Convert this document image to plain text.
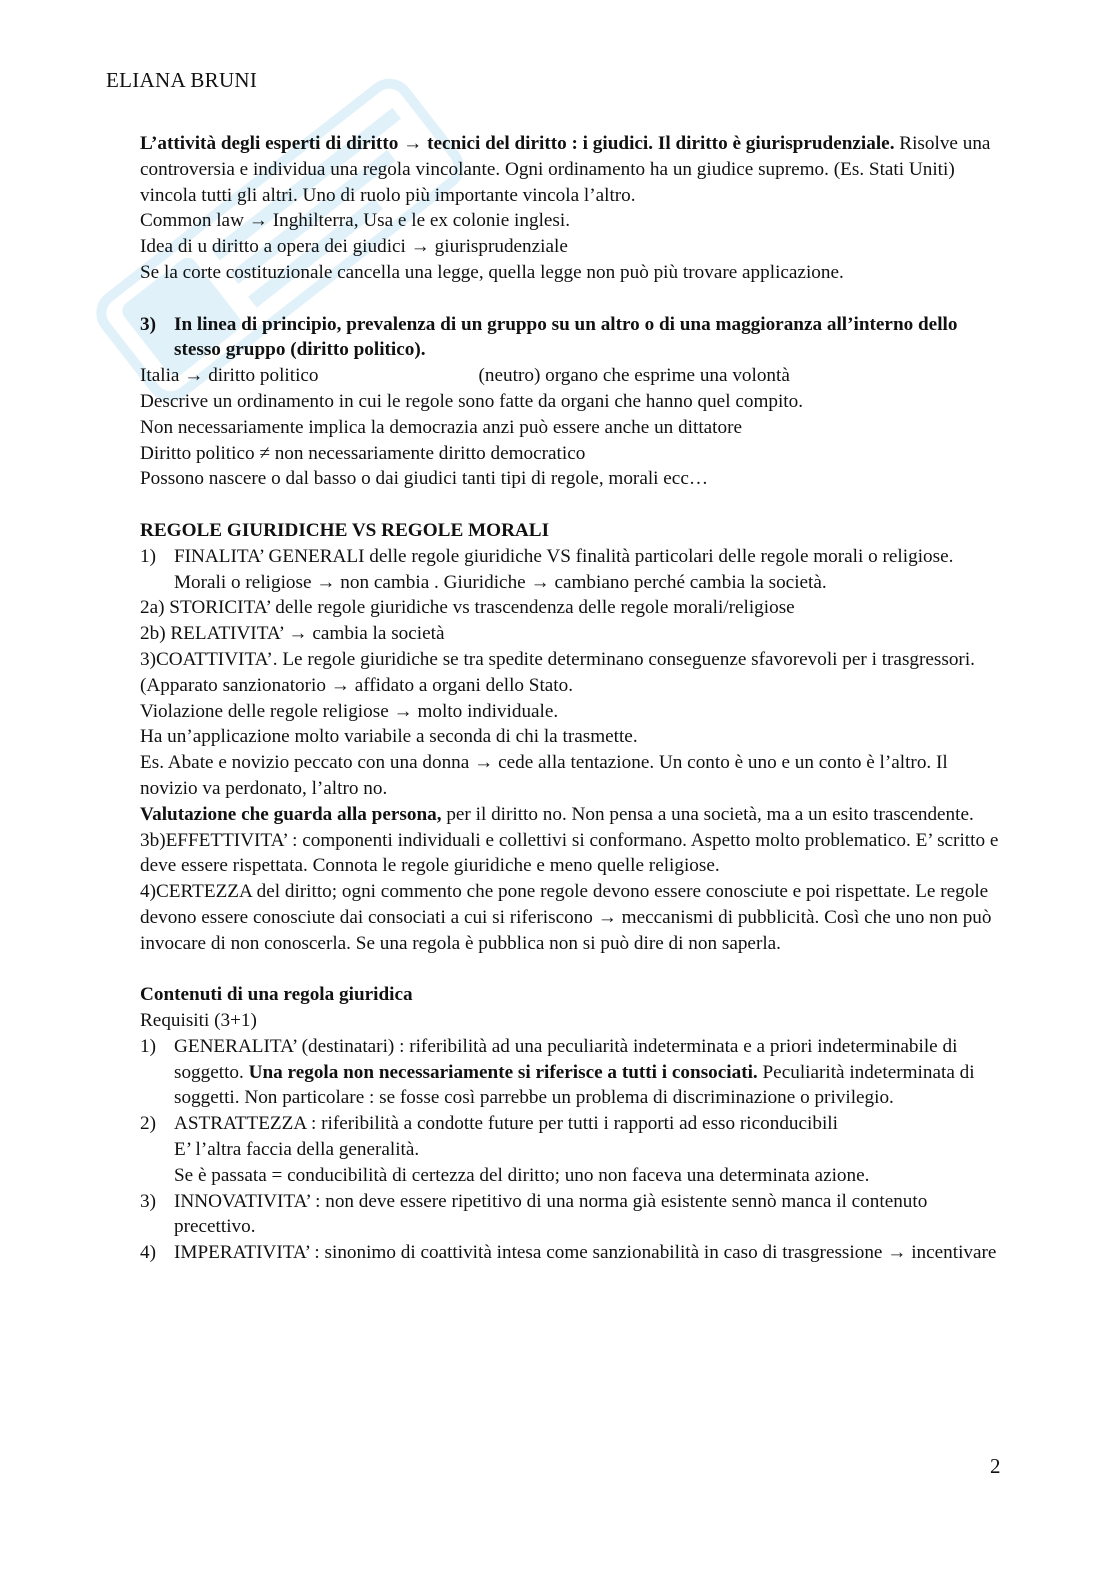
ELIANA BRUNI

L’attività degli esperti di diritto → tecnici del diritto : i giudici. Il diritto è giurisprudenziale. Risolve una controversia e individua una regola vincolante. Ogni ordinamento ha un giudice supremo. (Es. Stati Uniti) vincola tutti gli altri. Uno di ruolo più importante vincola l’altro.

Common law → Inghilterra, Usa e le ex colonie inglesi.

Idea di u diritto a opera dei giudici → giurisprudenziale

Se la corte costituzionale cancella una legge, quella legge non può più trovare applicazione.

3) In linea di principio, prevalenza di un gruppo su un altro o di una maggioranza all’interno dello stesso gruppo (diritto politico).

Italia → diritto politico	(neutro) organo che esprime una volontà

Descrive un ordinamento in cui le regole sono fatte da organi che hanno quel compito.

Non necessariamente implica la democrazia anzi può essere anche un dittatore

Diritto politico ≠ non necessariamente diritto democratico

Possono nascere o dal basso o dai giudici tanti tipi di regole, morali ecc…

REGOLE GIURIDICHE VS REGOLE MORALI

1) FINALITA’ GENERALI delle regole giuridiche VS finalità particolari delle regole morali o religiose. Morali o religiose → non cambia . Giuridiche → cambiano perché cambia la società.

2a) STORICITA’ delle regole giuridiche vs trascendenza delle regole morali/religiose

2b) RELATIVITA’ → cambia la società

3)COATTIVITA’. Le regole giuridiche se tra spedite determinano conseguenze sfavorevoli per i trasgressori. (Apparato sanzionatorio → affidato a organi dello Stato.

Violazione delle regole religiose → molto individuale.

Ha un’applicazione molto variabile a seconda di chi la trasmette.

Es. Abate e novizio peccato con una donna → cede alla tentazione. Un conto è uno e un conto è l’altro. Il novizio va perdonato, l’altro no.

Valutazione che guarda alla persona, per il diritto no. Non pensa a una società, ma a un esito trascendente.

3b)EFFETTIVITA’ : componenti individuali e collettivi si conformano. Aspetto molto problematico. E’ scritto e deve essere rispettata. Connota le regole giuridiche e meno quelle religiose.

4)CERTEZZA del diritto; ogni commento che pone regole devono essere conosciute e poi rispettate. Le regole devono essere conosciute dai consociati a cui si riferiscono → meccanismi di pubblicità. Così che uno non può invocare di non conoscerla. Se una regola è pubblica non si può dire di non saperla.

Contenuti di una regola giuridica

Requisiti (3+1)

1) GENERALITA’ (destinatari) : riferibilità ad una peculiarità indeterminata e a priori indeterminabile di soggetto. Una regola non necessariamente si riferisce a tutti i consociati. Peculiarità indeterminata di soggetti. Non particolare : se fosse così parrebbe un problema di discriminazione o privilegio.

2) ASTRATTEZZA : riferibilità a condotte future per tutti i rapporti ad esso riconducibili

E’ l’altra faccia della generalità.

Se è passata = conducibilità di certezza del diritto; uno non faceva una determinata azione.

3) INNOVATIVITA’ : non deve essere ripetitivo di una norma già esistente sennò manca il contenuto precettivo.

4) IMPERATIVITA’ : sinonimo di coattività intesa come sanzionabilità in caso di trasgressione → incentivare

2
